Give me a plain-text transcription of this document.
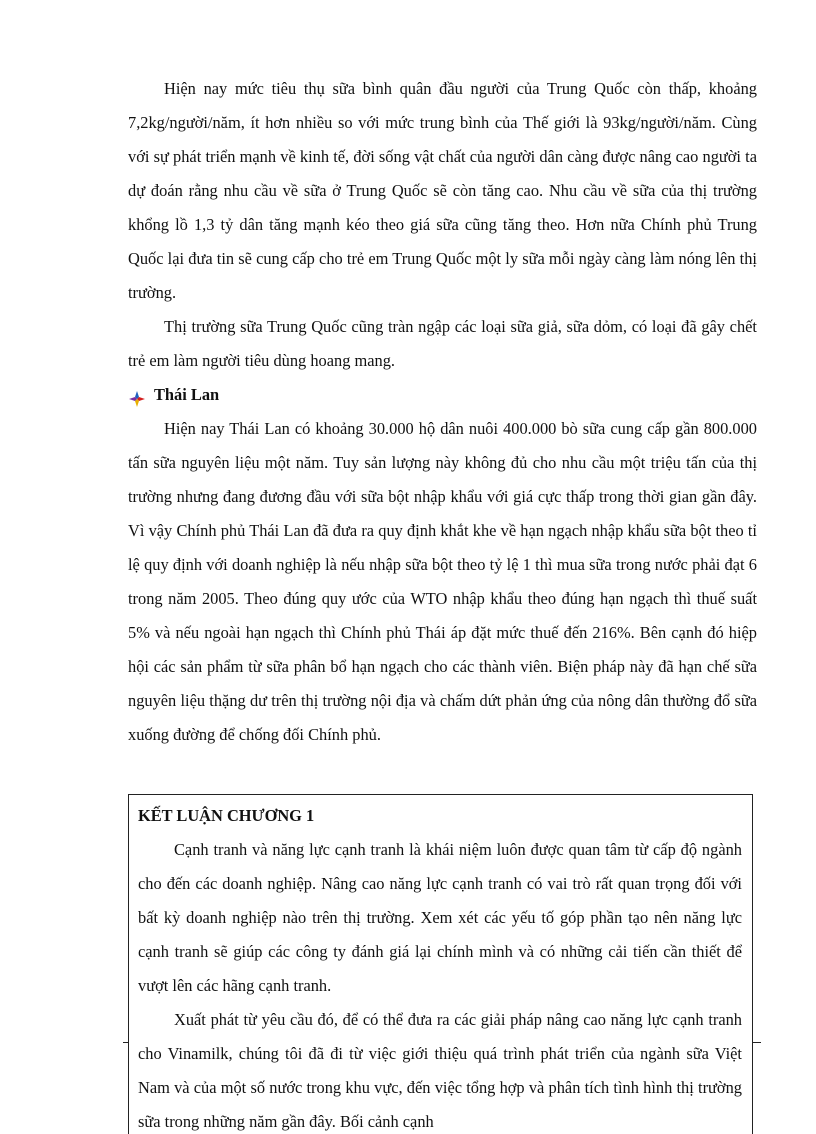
Hiện nay mức tiêu thụ sữa bình quân đầu người của Trung Quốc còn thấp, khoảng 7,2kg/người/năm, ít hơn nhiều so với mức trung bình của Thế giới là 93kg/người/năm. Cùng với sự phát triển mạnh về kinh tế, đời sống vật chất của người dân càng được nâng cao người ta dự đoán rằng nhu cầu về sữa ở Trung Quốc sẽ còn tăng cao. Nhu cầu về sữa của thị trường khổng lồ 1,3 tỷ dân tăng mạnh kéo theo giá sữa cũng tăng theo. Hơn nữa Chính phủ Trung Quốc lại đưa tin sẽ cung cấp cho trẻ em Trung Quốc một ly sữa mỗi ngày càng làm nóng lên thị trường.

Thị trường sữa Trung Quốc cũng tràn ngập các loại sữa giả, sữa dỏm, có loại đã gây chết trẻ em làm người tiêu dùng hoang mang.

Thái Lan

Hiện nay Thái Lan có khoảng 30.000 hộ dân nuôi 400.000 bò sữa cung cấp gần 800.000 tấn sữa nguyên liệu một năm. Tuy sản lượng này không đủ cho nhu cầu một triệu tấn của thị trường nhưng đang đương đầu với sữa bột nhập khẩu với giá cực thấp trong thời gian gần đây. Vì vậy Chính phủ Thái Lan đã đưa ra quy định khắt khe về hạn ngạch nhập khẩu sữa bột theo tỉ lệ quy định với doanh nghiệp là nếu nhập sữa bột theo tỷ lệ 1 thì mua sữa trong nước phải đạt 6 trong năm 2005. Theo đúng quy ước của WTO nhập khẩu theo đúng hạn ngạch thì thuế suất 5% và nếu ngoài hạn ngạch thì Chính phủ Thái áp đặt mức thuế đến 216%. Bên cạnh đó hiệp hội các sản phẩm từ sữa phân bổ hạn ngạch cho các thành viên. Biện pháp này đã hạn chế sữa nguyên liệu thặng dư trên thị trường nội địa và chấm dứt phản ứng của nông dân thường đổ sữa xuống đường để chống đối Chính phủ.

KẾT LUẬN CHƯƠNG 1

Cạnh tranh và năng lực cạnh tranh là khái niệm luôn được quan tâm từ cấp độ ngành cho đến các doanh nghiệp. Nâng cao năng lực cạnh tranh có vai trò rất quan trọng đối với bất kỳ doanh nghiệp nào trên thị trường. Xem xét các yếu tố góp phần tạo nên năng lực cạnh tranh sẽ giúp các công ty đánh giá lại chính mình và có những cải tiến cần thiết để vượt lên các hãng cạnh tranh.

Xuất phát từ yêu cầu đó, để có thể đưa ra các giải pháp nâng cao năng lực cạnh tranh cho Vinamilk, chúng tôi đã đi từ việc giới thiệu quá trình phát triển của ngành sữa Việt Nam và của một số nước trong khu vực, đến việc tổng hợp và phân tích tình hình thị trường sữa trong những năm gần đây. Bối cảnh cạnh
